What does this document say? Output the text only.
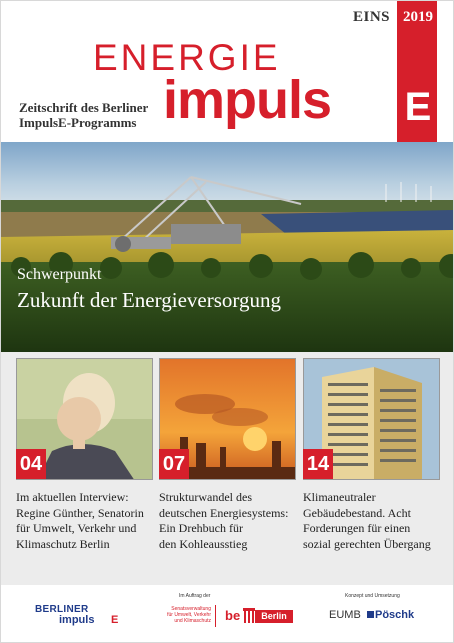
EINS 2019
ENERGIE
impuls E
Zeitschrift des Berliner
ImpulsE-Programms
Schwerpunkt
Zukunft der Energieversorgung
04	07	14
Im aktuellen Interview:
Regine Günther, Senatorin
für Umwelt, Verkehr und
Klimaschutz Berlin
Strukturwandel des
deutschen Energiesystems:
Ein Drehbuch für
den Kohleausstieg
Klimaneutraler
Gebäudebestand. Acht
Forderungen für einen
sozial gerechten Übergang
Im Auftrag der	Konzept und Umsetzung
BERLINER
impuls E
Senatsverwaltung
für Umwelt, Verkehr
und Klimaschutz be	Berlin	EUMB Pöschk
